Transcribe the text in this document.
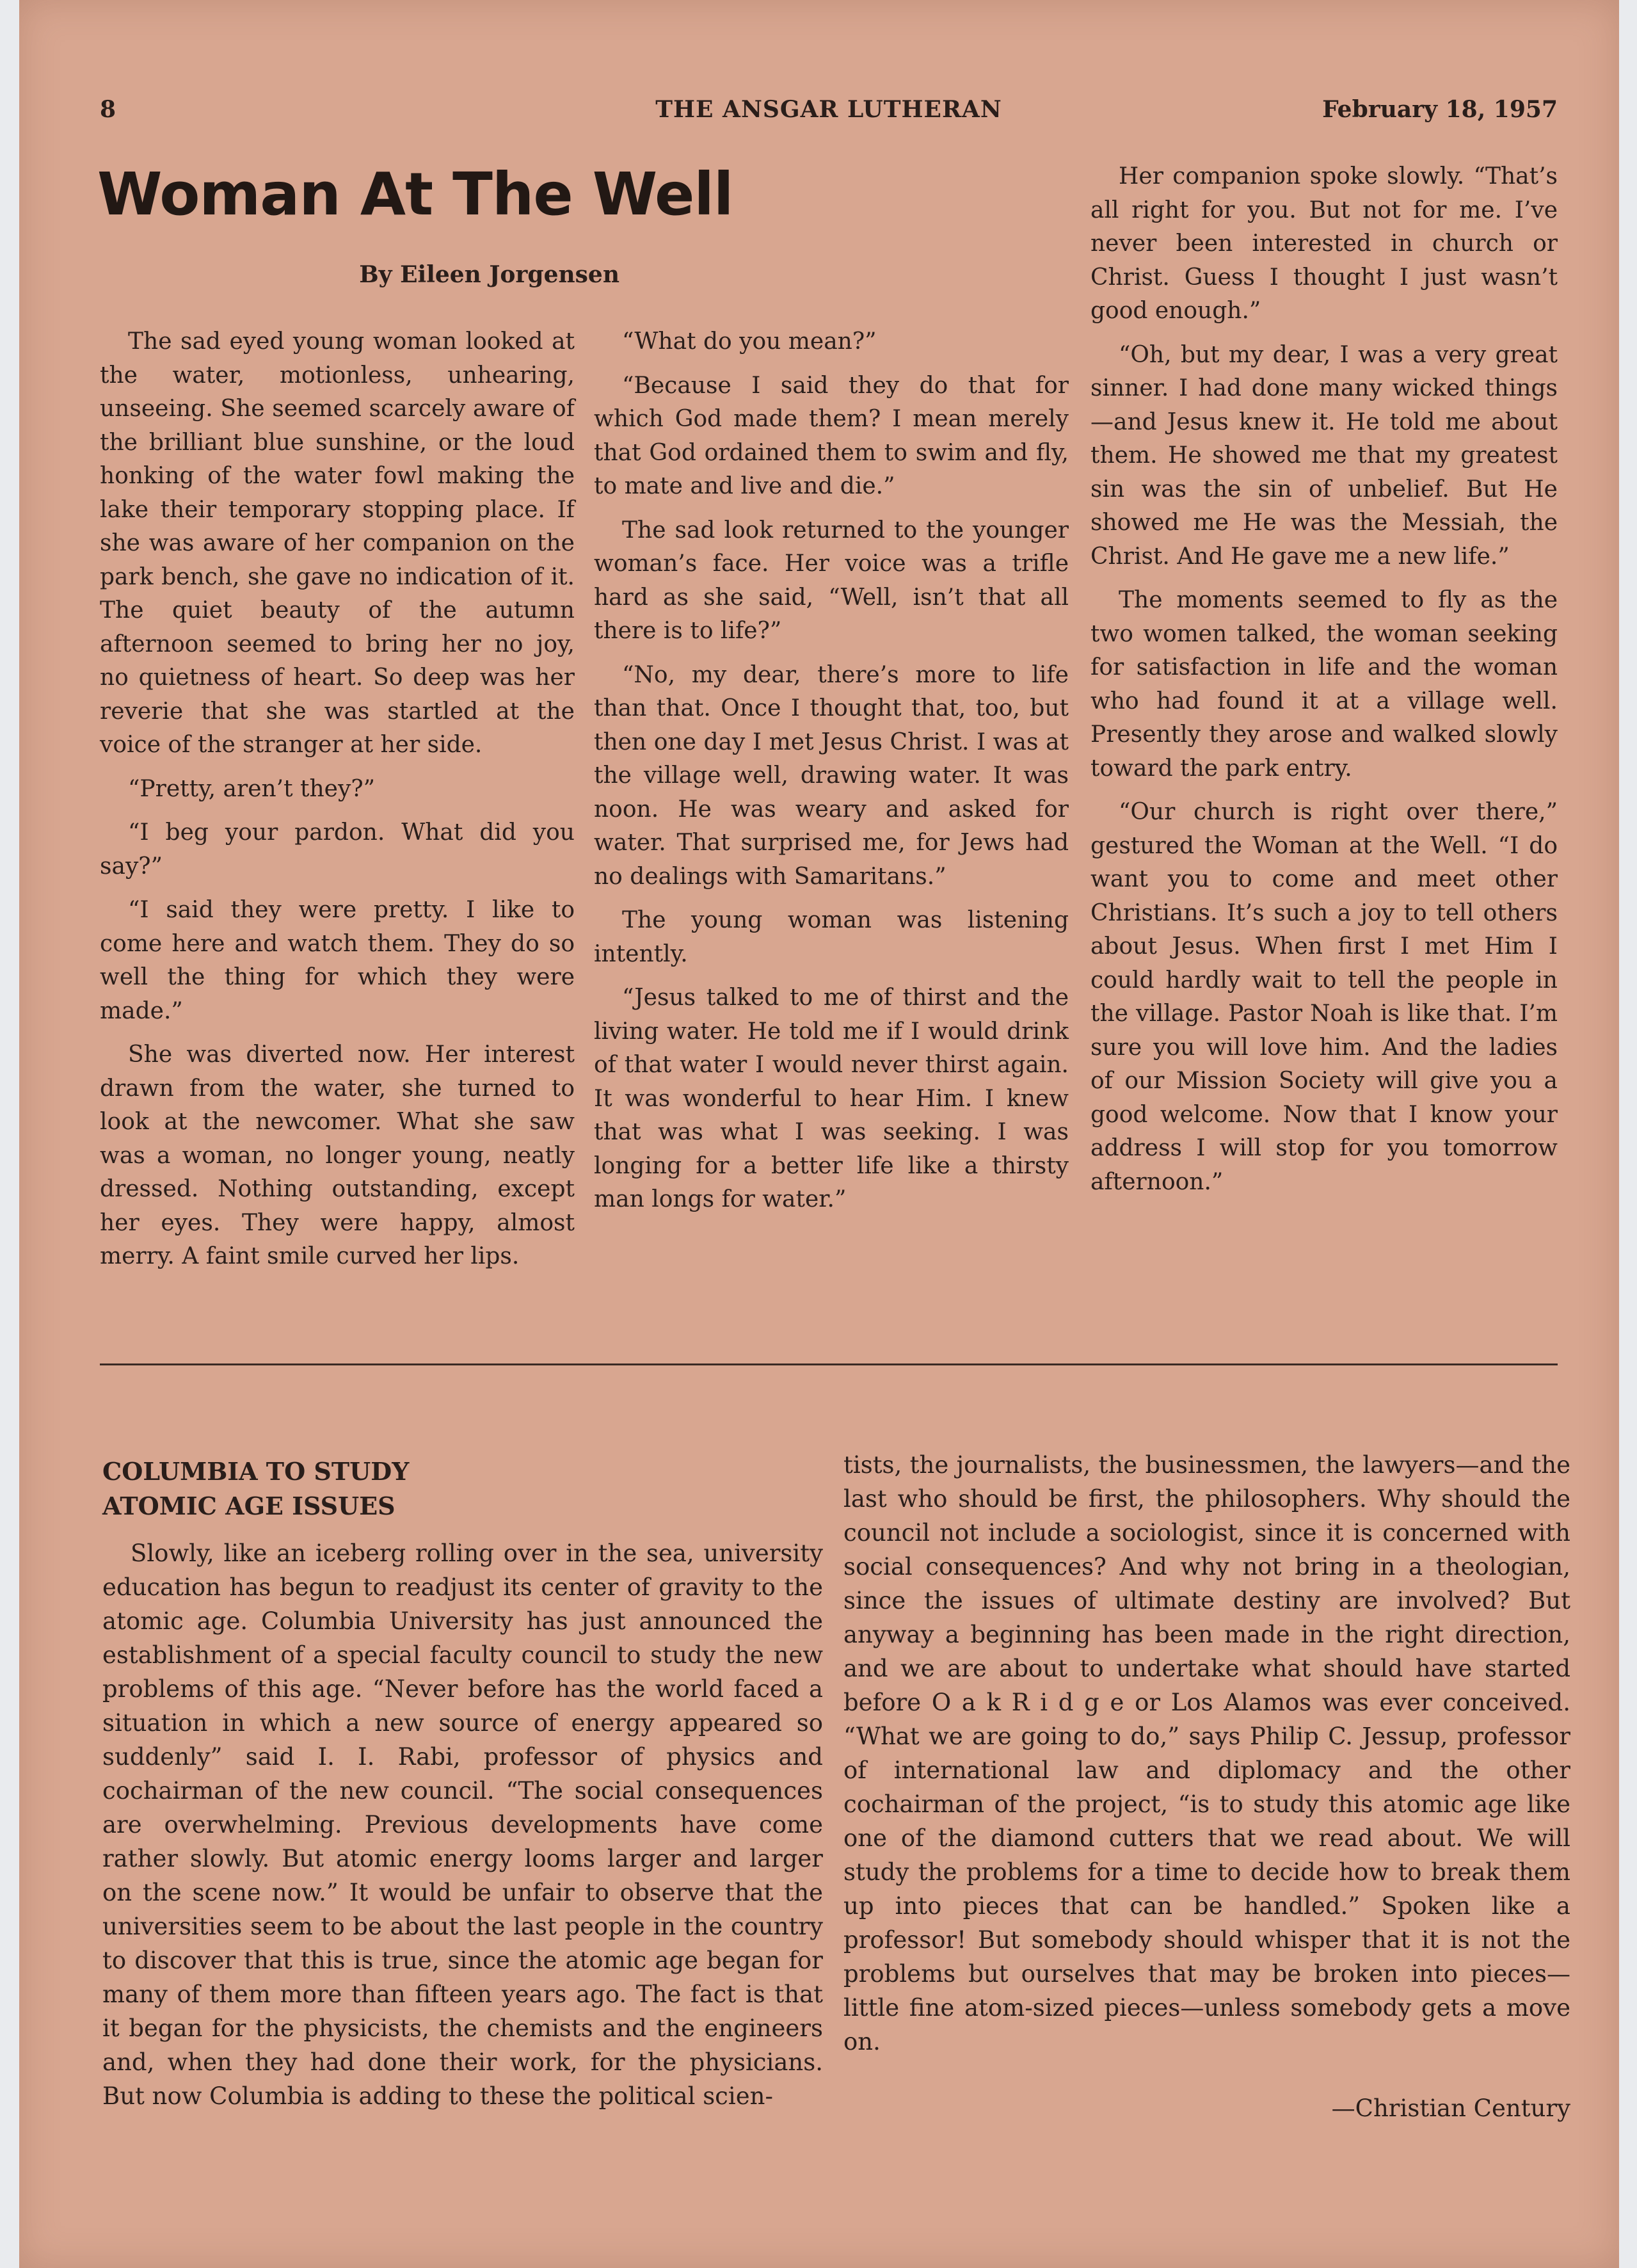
8	THE ANSGAR LUTHERAN	February 18, 1957
Woman At The Well
By Eileen Jorgensen

The sad eyed young woman looked at the water, motionless, unhearing, unseeing. She seemed scarcely aware of the brilliant blue sunshine, or the loud honking of the water fowl making the lake their temporary stopping place. If she was aware of her companion on the park bench, she gave no indication of it. The quiet beauty of the autumn afternoon seemed to bring her no joy, no quietness of heart. So deep was her reverie that she was startled at the voice of the stranger at her side.

“Pretty, aren’t they?”

“I beg your pardon. What did you say?”

“I said they were pretty. I like to come here and watch them. They do so well the thing for which they were made.”

She was diverted now. Her interest drawn from the water, she turned to look at the newcomer. What she saw was a woman, no longer young, neatly dressed. Nothing outstanding, except her eyes. They were happy, almost merry. A faint smile curved her lips.

“What do you mean?”

“Because I said they do that for which God made them? I mean merely that God ordained them to swim and fly, to mate and live and die.”

The sad look returned to the younger woman’s face. Her voice was a trifle hard as she said, “Well, isn’t that all there is to life?”

“No, my dear, there’s more to life than that. Once I thought that, too, but then one day I met Jesus Christ. I was at the village well, drawing water. It was noon. He was weary and asked for water. That surprised me, for Jews had no dealings with Samaritans.”

The young woman was listening intently.

“Jesus talked to me of thirst and the living water. He told me if I would drink of that water I would never thirst again. It was wonderful to hear Him. I knew that was what I was seeking. I was longing for a better life like a thirsty man longs for water.”

Her companion spoke slowly. “That’s all right for you. But not for me. I’ve never been interested in church or Christ. Guess I thought I just wasn’t good enough.”

“Oh, but my dear, I was a very great sinner. I had done many wicked things—and Jesus knew it. He told me about them. He showed me that my greatest sin was the sin of unbelief. But He showed me He was the Messiah, the Christ. And He gave me a new life.”

The moments seemed to fly as the two women talked, the woman seeking for satisfaction in life and the woman who had found it at a village well. Presently they arose and walked slowly toward the park entry.

“Our church is right over there,” gestured the Woman at the Well. “I do want you to come and meet other Christians. It’s such a joy to tell others about Jesus. When first I met Him I could hardly wait to tell the people in the village. Pastor Noah is like that. I’m sure you will love him. And the ladies of our Mission Society will give you a good welcome. Now that I know your address I will stop for you tomorrow afternoon.”

COLUMBIA TO STUDY
ATOMIC AGE ISSUES

Slowly, like an iceberg rolling over in the sea, university education has begun to readjust its center of gravity to the atomic age. Columbia University has just announced the establishment of a special faculty council to study the new problems of this age. “Never before has the world faced a situation in which a new source of energy appeared so suddenly” said I. I. Rabi, professor of physics and cochairman of the new council. “The social consequences are overwhelming. Previous developments have come rather slowly. But atomic energy looms larger and larger on the scene now.” It would be unfair to observe that the universities seem to be about the last people in the country to discover that this is true, since the atomic age began for many of them more than fifteen years ago. The fact is that it began for the physicists, the chemists and the engineers and, when they had done their work, for the physicians. But now Columbia is adding to these the political scien-

tists, the journalists, the businessmen, the lawyers—and the last who should be first, the philosophers. Why should the council not include a sociologist, since it is concerned with social consequences? And why not bring in a theologian, since the issues of ultimate destiny are involved? But anyway a beginning has been made in the right direction, and we are about to undertake what should have started before O a k R i d g e or Los Alamos was ever conceived. “What we are going to do,” says Philip C. Jessup, professor of international law and diplomacy and the other cochairman of the project, “is to study this atomic age like one of the diamond cutters that we read about. We will study the problems for a time to decide how to break them up into pieces that can be handled.” Spoken like a professor! But somebody should whisper that it is not the problems but ourselves that may be broken into pieces—little fine atom-sized pieces—unless somebody gets a move on.

—Christian Century
